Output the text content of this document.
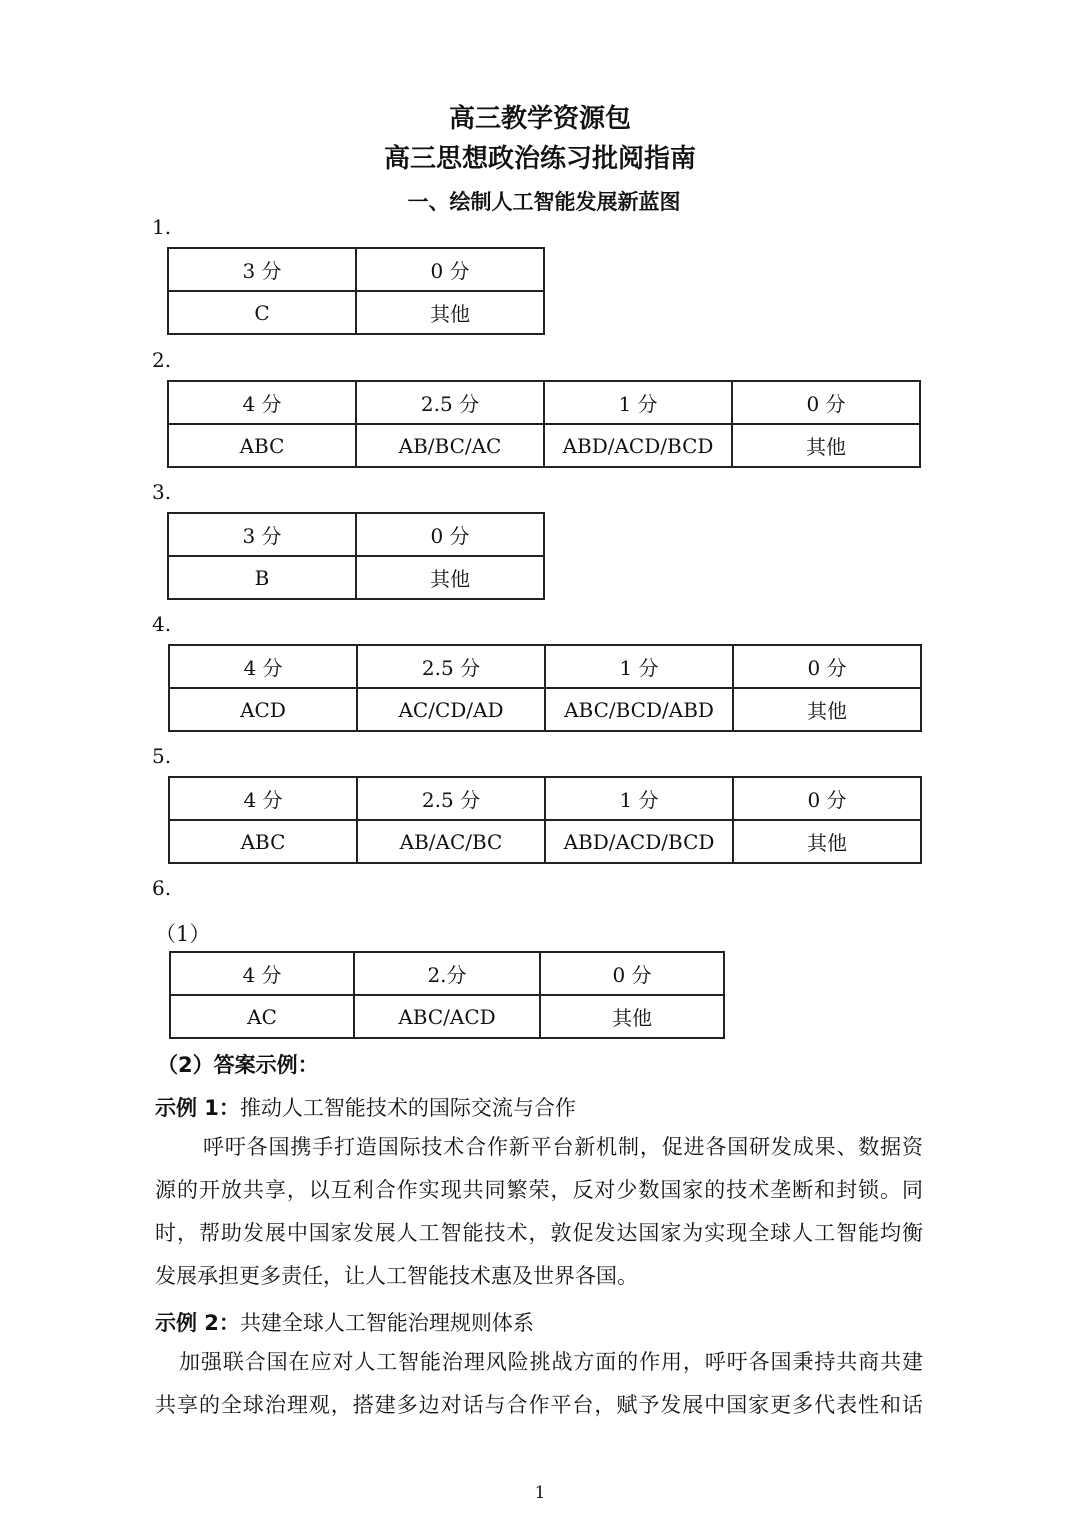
高三教学资源包
高三思想政治练习批阅指南
一、绘制人工智能发展新蓝图
1.
3 分	0 分
C	其他
2.
4 分	2.5 分	1 分	0 分
ABC	AB/BC/AC	ABD/ACD/BCD	其他
3.
3 分	0 分
B	其他
4.
4 分	2.5 分	1 分	0 分
ACD	AC/CD/AD	ABC/BCD/ABD	其他
5.
4 分	2.5 分	1 分	0 分
ABC	AB/AC/BC	ABD/ACD/BCD	其他
6.
（1）
4 分	2.分	0 分
AC	ABC/ACD	其他
（2）答案示例：
示例 1：推动人工智能技术的国际交流与合作
呼吁各国携手打造国际技术合作新平台新机制，促进各国研发成果、数据资
源的开放共享，以互利合作实现共同繁荣，反对少数国家的技术垄断和封锁。同
时，帮助发展中国家发展人工智能技术，敦促发达国家为实现全球人工智能均衡
发展承担更多责任，让人工智能技术惠及世界各国。
示例 2：共建全球人工智能治理规则体系
加强联合国在应对人工智能治理风险挑战方面的作用，呼吁各国秉持共商共建
共享的全球治理观，搭建多边对话与合作平台，赋予发展中国家更多代表性和话
1
